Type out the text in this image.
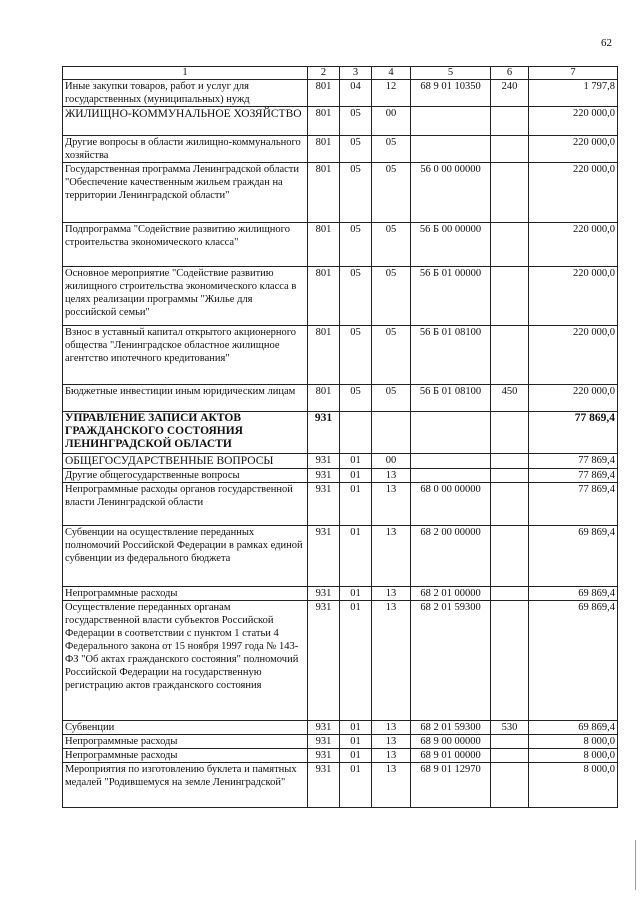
62
1	2	3	4	5	6	7
Иные закупки товаров, работ и услуг для государственных (муниципальных) нужд	801	04	12	68 9 01 10350	240	1 797,8
ЖИЛИЩНО-КОММУНАЛЬНОЕ ХОЗЯЙСТВО	801	05	00			220 000,0
Другие вопросы в области жилищно-коммунального хозяйства	801	05	05			220 000,0
Государственная программа Ленинградской области "Обеспечение качественным жильем граждан на территории Ленинградской области"	801	05	05	56 0 00 00000		220 000,0
Подпрограмма "Содействие развитию жилищного строительства экономического класса"	801	05	05	56 Б 00 00000		220 000,0
Основное мероприятие "Содействие развитию жилищного строительства экономического класса в целях реализации программы "Жилье для российской семьи"	801	05	05	56 Б 01 00000		220 000,0
Взнос в уставный капитал открытого акционерного общества "Ленинградское областное жилищное агентство ипотечного кредитования"	801	05	05	56 Б 01 08100		220 000,0
Бюджетные инвестиции иным юридическим лицам	801	05	05	56 Б 01 08100	450	220 000,0
УПРАВЛЕНИЕ ЗАПИСИ АКТОВ ГРАЖДАНСКОГО СОСТОЯНИЯ ЛЕНИНГРАДСКОЙ ОБЛАСТИ	931					77 869,4
ОБЩЕГОСУДАРСТВЕННЫЕ ВОПРОСЫ	931	01	00			77 869,4
Другие общегосударственные вопросы	931	01	13			77 869,4
Непрограммные расходы органов государственной власти Ленинградской области	931	01	13	68 0 00 00000		77 869,4
Субвенции на осуществление переданных полномочий Российской Федерации в рамках единой субвенции из федерального бюджета	931	01	13	68 2 00 00000		69 869,4
Непрограммные расходы	931	01	13	68 2 01 00000		69 869,4
Осуществление переданных органам государственной власти субъектов Российской Федерации в соответствии с пунктом 1 статьи 4 Федерального закона от 15 ноября 1997 года № 143-ФЗ "Об актах гражданского состояния" полномочий Российской Федерации на государственную регистрацию актов гражданского состояния	931	01	13	68 2 01 59300		69 869,4
Субвенции	931	01	13	68 2 01 59300	530	69 869,4
Непрограммные расходы	931	01	13	68 9 00 00000		8 000,0
Непрограммные расходы	931	01	13	68 9 01 00000		8 000,0
Мероприятия по изготовлению буклета и памятных медалей "Родившемуся на земле Ленинградской"	931	01	13	68 9 01 12970		8 000,0
